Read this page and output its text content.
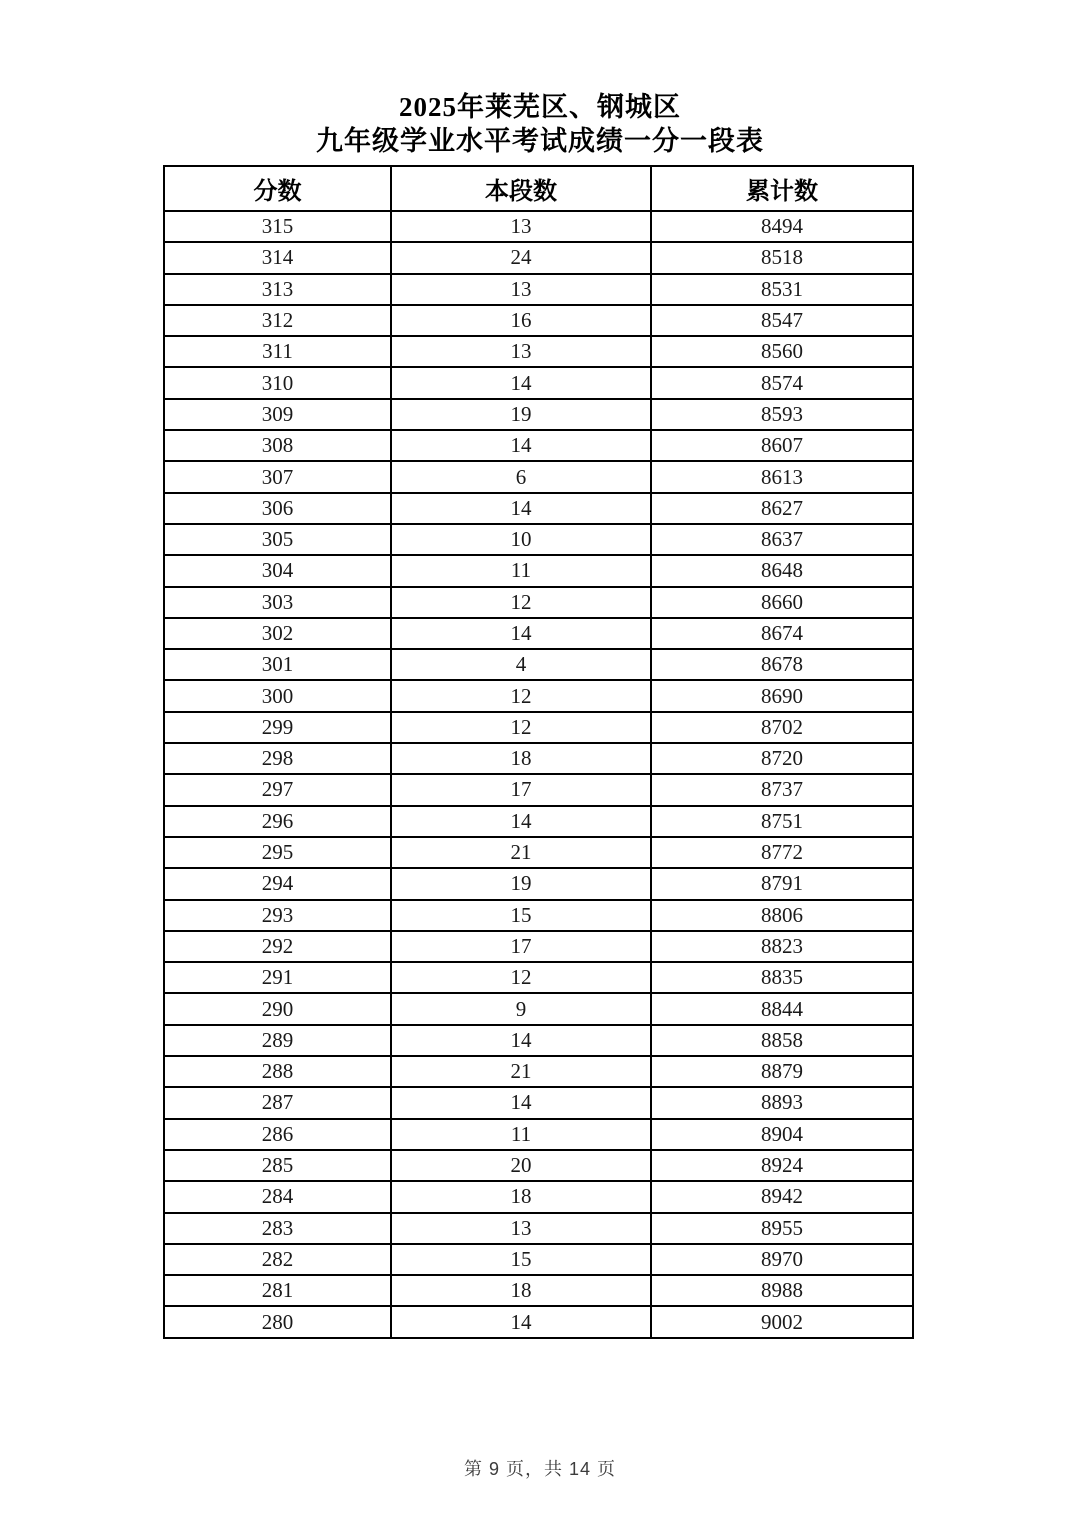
2025年莱芜区、钢城区
九年级学业水平考试成绩一分一段表
分数	本段数	累计数
315	13	8494
314	24	8518
313	13	8531
312	16	8547
311	13	8560
310	14	8574
309	19	8593
308	14	8607
307	6	8613
306	14	8627
305	10	8637
304	11	8648
303	12	8660
302	14	8674
301	4	8678
300	12	8690
299	12	8702
298	18	8720
297	17	8737
296	14	8751
295	21	8772
294	19	8791
293	15	8806
292	17	8823
291	12	8835
290	9	8844
289	14	8858
288	21	8879
287	14	8893
286	11	8904
285	20	8924
284	18	8942
283	13	8955
282	15	8970
281	18	8988
280	14	9002
第 9 页，共 14 页
